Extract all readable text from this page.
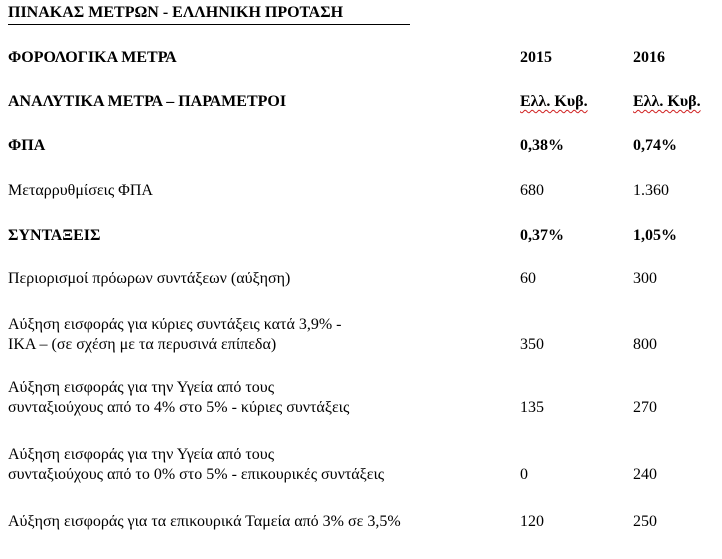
ΠΙΝΑΚΑΣ ΜΕΤΡΩΝ - ΕΛΛΗΝΙΚΗ ΠΡΟΤΑΣΗ
ΦΟΡΟΛΟΓΙΚΑ ΜΕΤΡΑ	2015	2016
ΑΝΑΛΥΤΙΚΑ ΜΕΤΡΑ – ΠΑΡΑΜΕΤΡΟΙ	Ελλ. Κυβ.	Ελλ. Κυβ.
ΦΠΑ	0,38%	0,74%
Μεταρρυθμίσεις ΦΠΑ	680	1.360
ΣΥΝΤΑΞΕΙΣ	0,37%	1,05%
Περιορισμοί πρόωρων συντάξεων (αύξηση)	60	300
Αύξηση εισφοράς για κύριες συντάξεις κατά 3,9% -
ΙΚΑ – (σε σχέση με τα περυσινά επίπεδα)	350	800
Αύξηση εισφοράς για την Υγεία από τους
συνταξιούχους από το 4% στο 5% - κύριες συντάξεις	135	270
Αύξηση εισφοράς για την Υγεία από τους
συνταξιούχους από το 0% στο 5% - επικουρικές συντάξεις	0	240
Αύξηση εισφοράς για τα επικουρικά Ταμεία από 3% σε 3,5%	120	250
